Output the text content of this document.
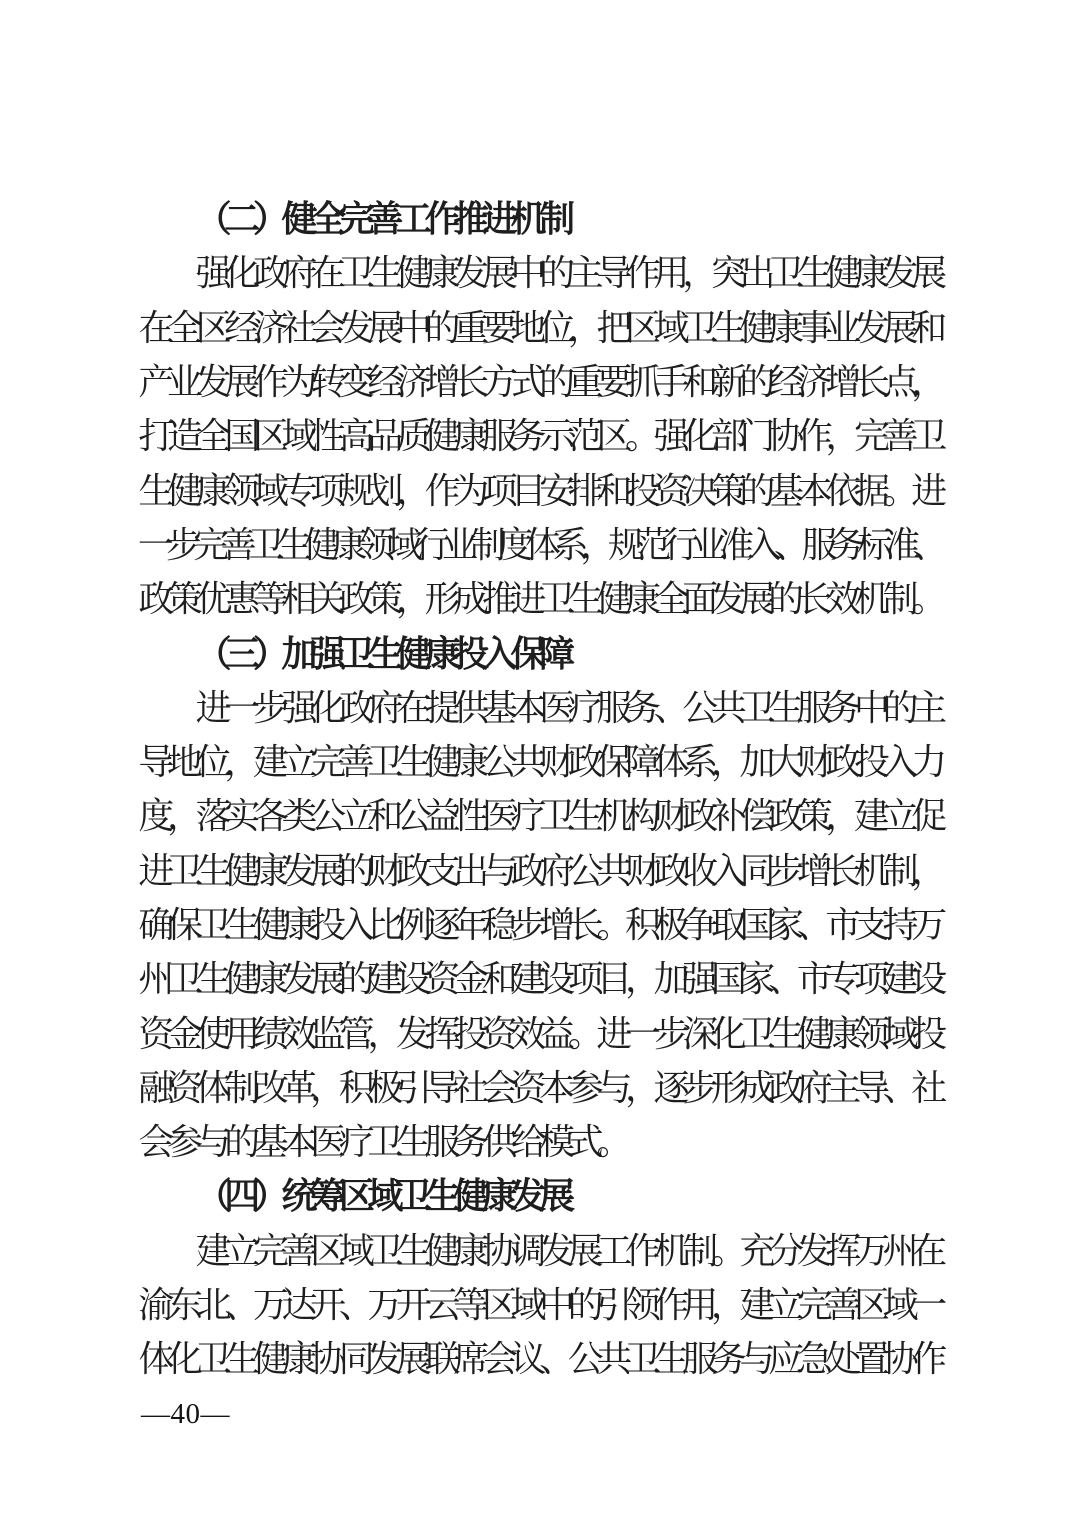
（
二
）
健
全
完
善
工
作
推
进
机
制
强
化
政
府
在
卫
生
健
康
发
展
中
的
主
导
作
用
，
突
出
卫
生
健
康
发
展
在
全
区
经
济
社
会
发
展
中
的
重
要
地
位
，
把
区
域
卫
生
健
康
事
业
发
展
和
产
业
发
展
作
为
转
变
经
济
增
长
方
式
的
重
要
抓
手
和
新
的
经
济
增
长
点
，
打
造
全
国
区
域
性
高
品
质
健
康
服
务
示
范
区
。
强
化
部
门
协
作
，
完
善
卫
生
健
康
领
域
专
项
规
划
，
作
为
项
目
安
排
和
投
资
决
策
的
基
本
依
据
。
进
一
步
完
善
卫
生
健
康
领
域
行
业
制
度
体
系
，
规
范
行
业
准
入
、
服
务
标
准
、
政
策
优
惠
等
相
关
政
策
，
形
成
推
进
卫
生
健
康
全
面
发
展
的
长
效
机
制
。
（
三
）
加
强
卫
生
健
康
投
入
保
障
进
一
步
强
化
政
府
在
提
供
基
本
医
疗
服
务
、
公
共
卫
生
服
务
中
的
主
导
地
位
，
建
立
完
善
卫
生
健
康
公
共
财
政
保
障
体
系
，
加
大
财
政
投
入
力
度
，
落
实
各
类
公
立
和
公
益
性
医
疗
卫
生
机
构
财
政
补
偿
政
策
，
建
立
促
进
卫
生
健
康
发
展
的
财
政
支
出
与
政
府
公
共
财
政
收
入
同
步
增
长
机
制
，
确
保
卫
生
健
康
投
入
比
例
逐
年
稳
步
增
长
。
积
极
争
取
国
家
、
市
支
持
万
州
卫
生
健
康
发
展
的
建
设
资
金
和
建
设
项
目
，
加
强
国
家
、
市
专
项
建
设
资
金
使
用
绩
效
监
管
，
发
挥
投
资
效
益
。
进
一
步
深
化
卫
生
健
康
领
域
投
融
资
体
制
改
革
，
积
极
引
导
社
会
资
本
参
与
，
逐
步
形
成
政
府
主
导
、
社
会
参
与
的
基
本
医
疗
卫
生
服
务
供
给
模
式
。
（
四
）
统
筹
区
域
卫
生
健
康
发
展
建
立
完
善
区
域
卫
生
健
康
协
调
发
展
工
作
机
制
。
充
分
发
挥
万
州
在
渝
东
北
、
万
达
开
、
万
开
云
等
区
域
中
的
引
领
作
用
，
建
立
完
善
区
域
一
体
化
卫
生
健
康
协
同
发
展
联
席
会
议
、
公
共
卫
生
服
务
与
应
急
处
置
协
作
—40—
